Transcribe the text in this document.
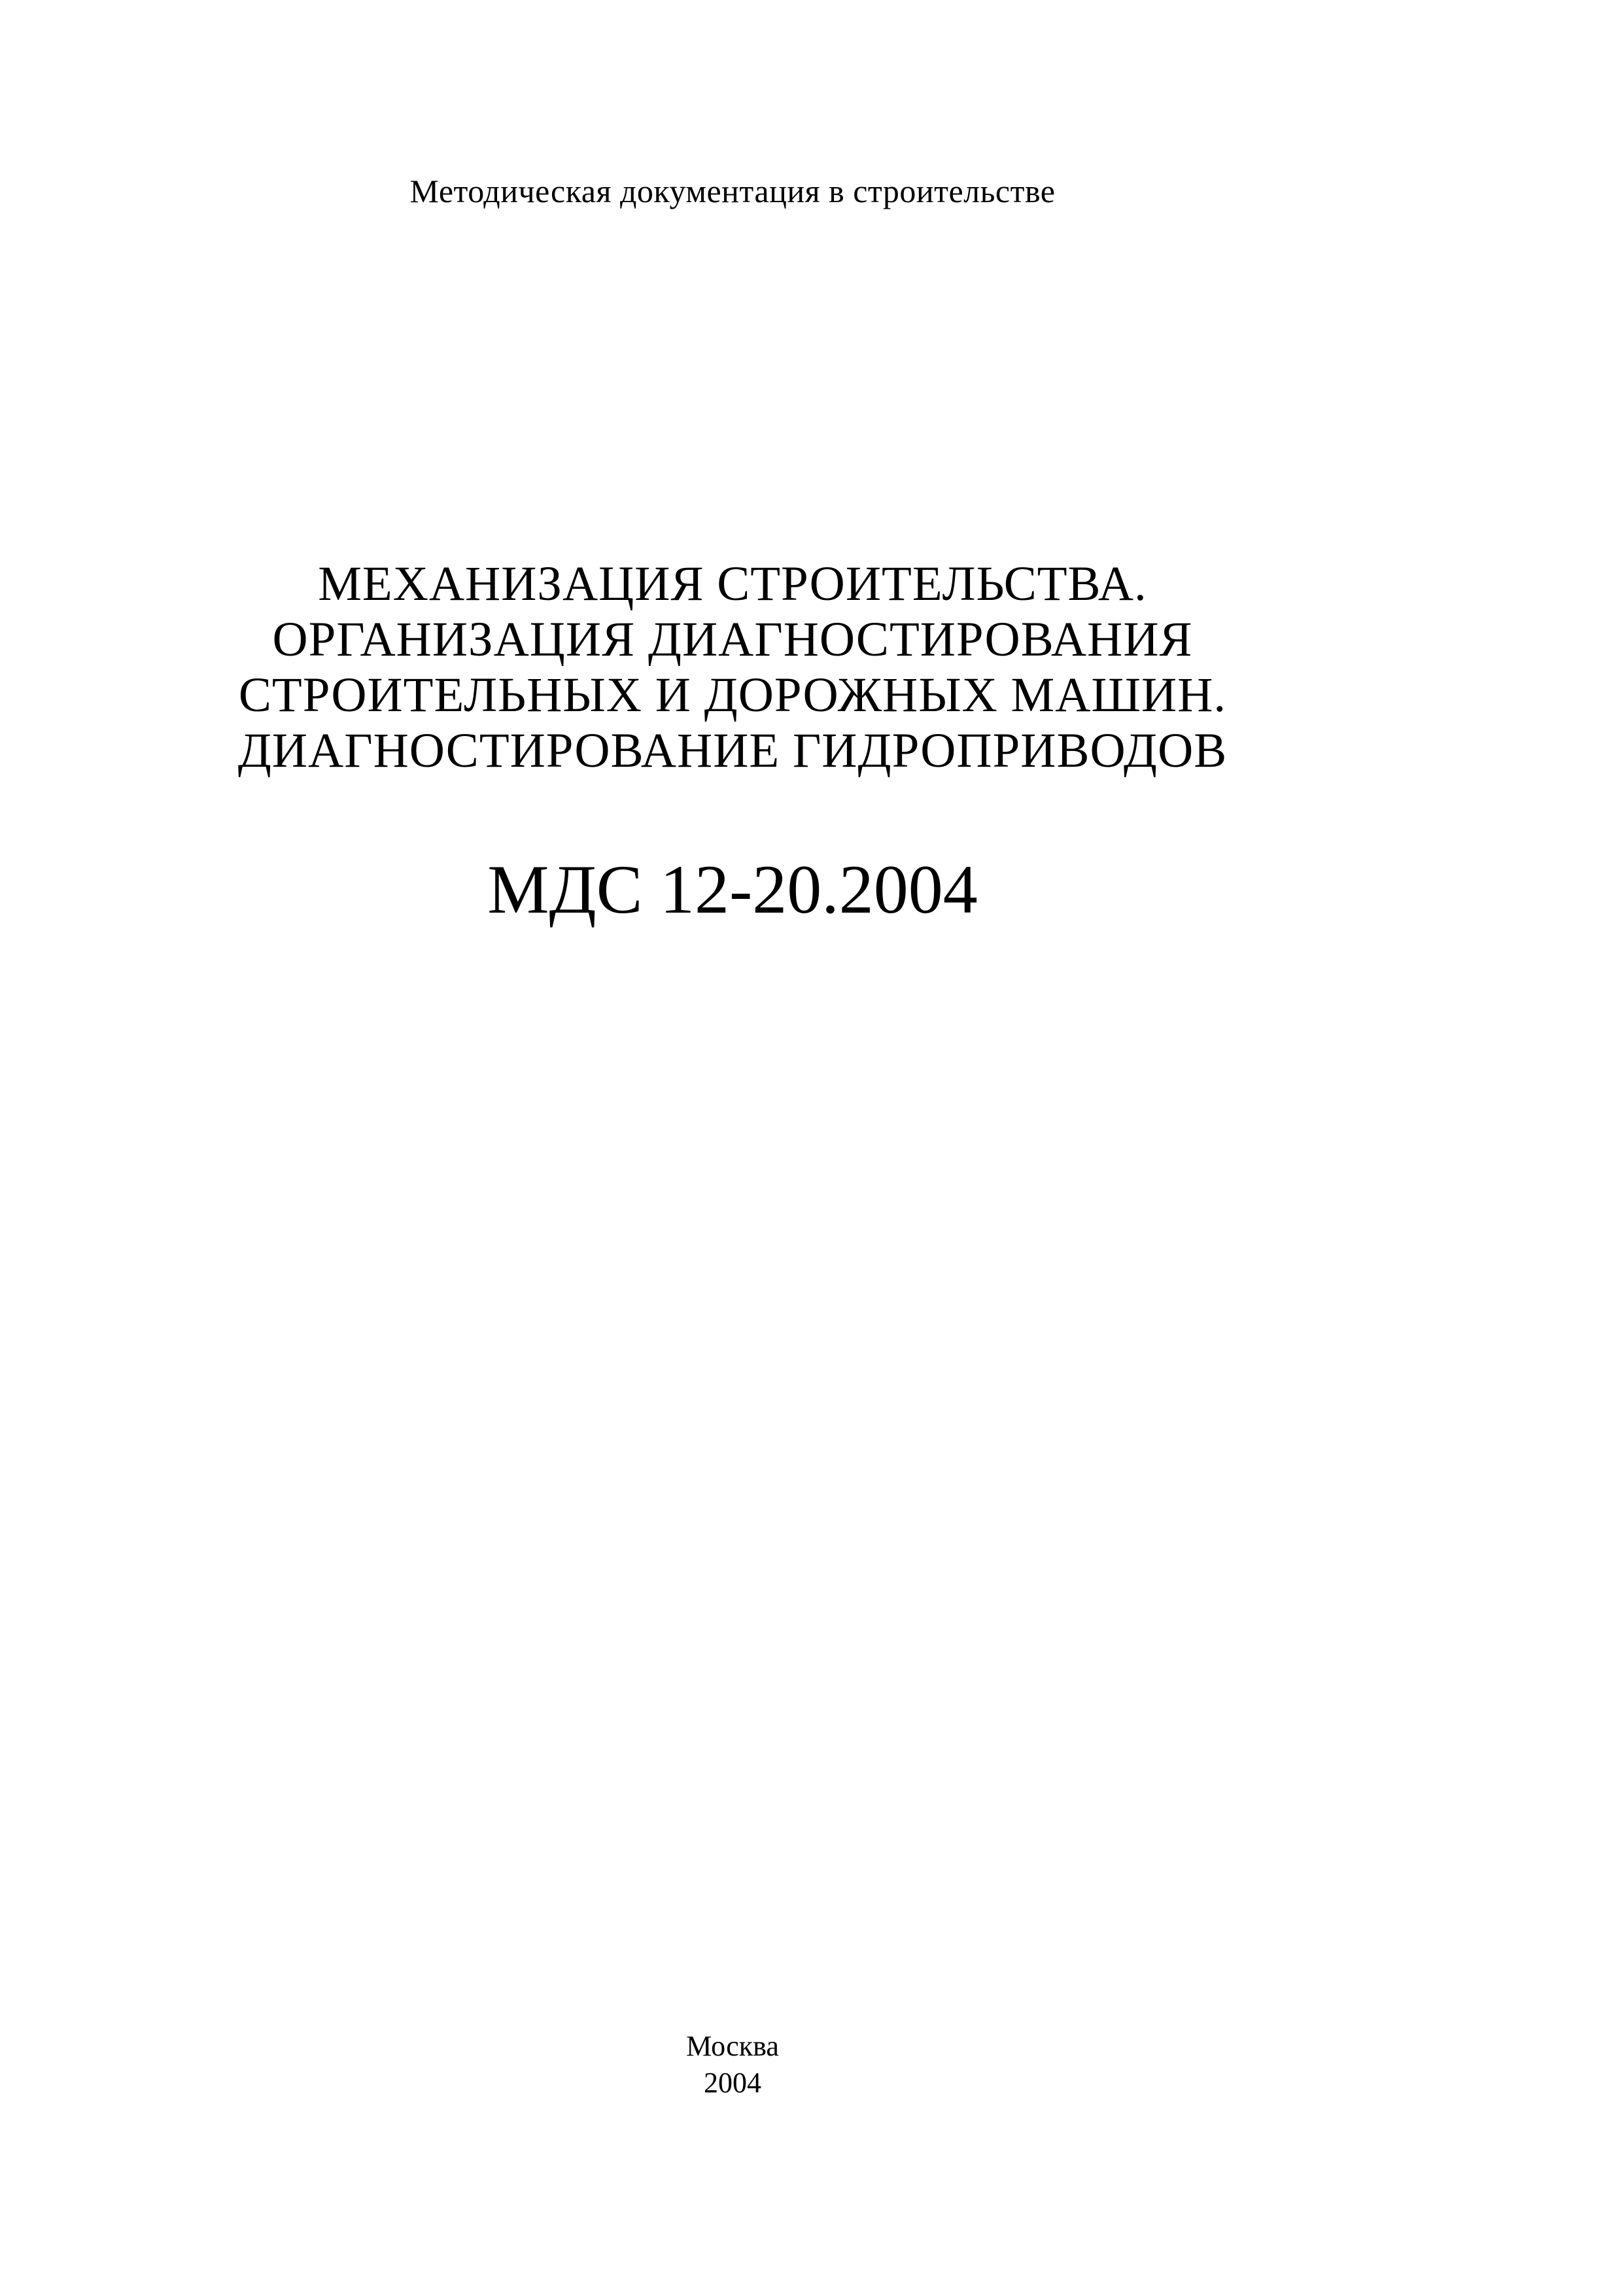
Методическая документация в строительстве
МЕХАНИЗАЦИЯ СТРОИТЕЛЬСТВА.
ОРГАНИЗАЦИЯ ДИАГНОСТИРОВАНИЯ
СТРОИТЕЛЬНЫХ И ДОРОЖНЫХ МАШИН.
ДИАГНОСТИРОВАНИЕ ГИДРОПРИВОДОВ
МДС 12-20.2004
Москва
2004
